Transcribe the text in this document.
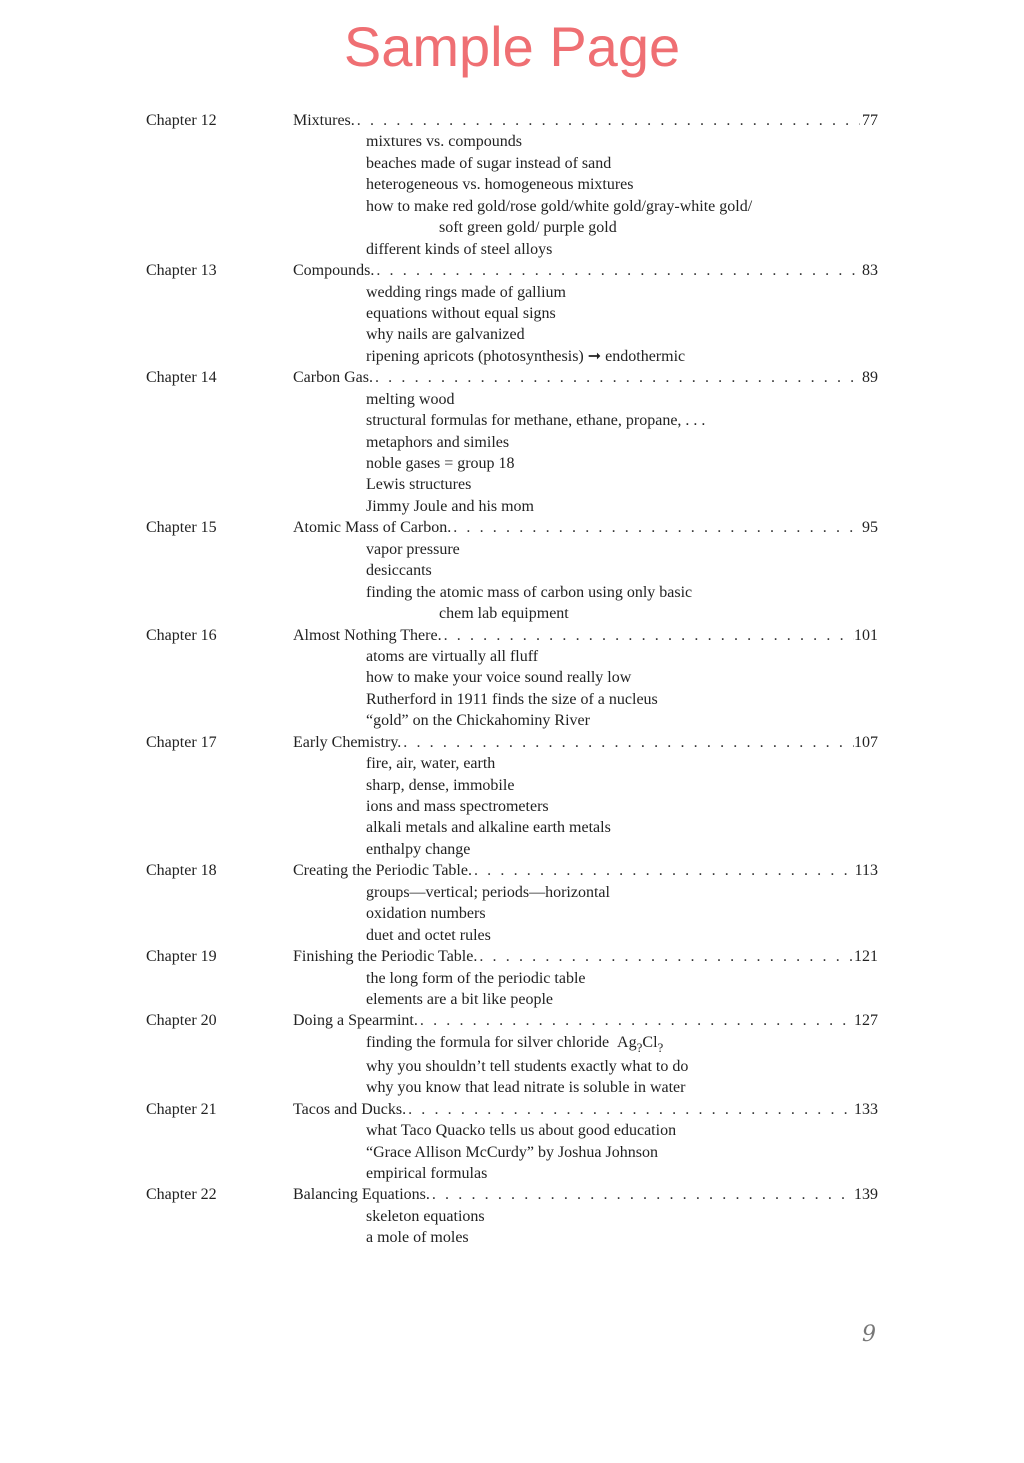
Sample Page
Chapter 12	Mixtures. . . .	77
mixtures vs. compounds
beaches made of sugar instead of sand
heterogeneous vs. homogeneous mixtures
how to make red gold/rose gold/white gold/gray-white gold/
soft green gold/ purple gold
different kinds of steel alloys
Chapter 13	Compounds. . . .	83
wedding rings made of gallium
equations without equal signs
why nails are galvanized
ripening apricots (photosynthesis) ➞ endothermic
Chapter 14	Carbon Gas. . . .	89
melting wood
structural formulas for methane, ethane, propane, . . .
metaphors and similes
noble gases = group 18
Lewis structures
Jimmy Joule and his mom
Chapter 15	Atomic Mass of Carbon. . . .	95
vapor pressure
desiccants
finding the atomic mass of carbon using only basic
chem lab equipment
Chapter 16	Almost Nothing There. . . .	101
atoms are virtually all fluff
how to make your voice sound really low
Rutherford in 1911 finds the size of a nucleus
“gold” on the Chickahominy River
Chapter 17	Early Chemistry. . . .	107
fire, air, water, earth
sharp, dense, immobile
ions and mass spectrometers
alkali metals and alkaline earth metals
enthalpy change
Chapter 18	Creating the Periodic Table. . . .	113
groups—vertical; periods—horizontal
oxidation numbers
duet and octet rules
Chapter 19	Finishing the Periodic Table. . . .	121
the long form of the periodic table
elements are a bit like people
Chapter 20	Doing a Spearmint. . . .	127
finding the formula for silver chloride $Ag_?Cl_?$
why you shouldn’t tell students exactly what to do
why you know that lead nitrate is soluble in water
Chapter 21	Tacos and Ducks. . . .	133
what Taco Quacko tells us about good education
“Grace Allison McCurdy” by Joshua Johnson
empirical formulas
Chapter 22	Balancing Equations. . . .	139
skeleton equations
a mole of moles
9
